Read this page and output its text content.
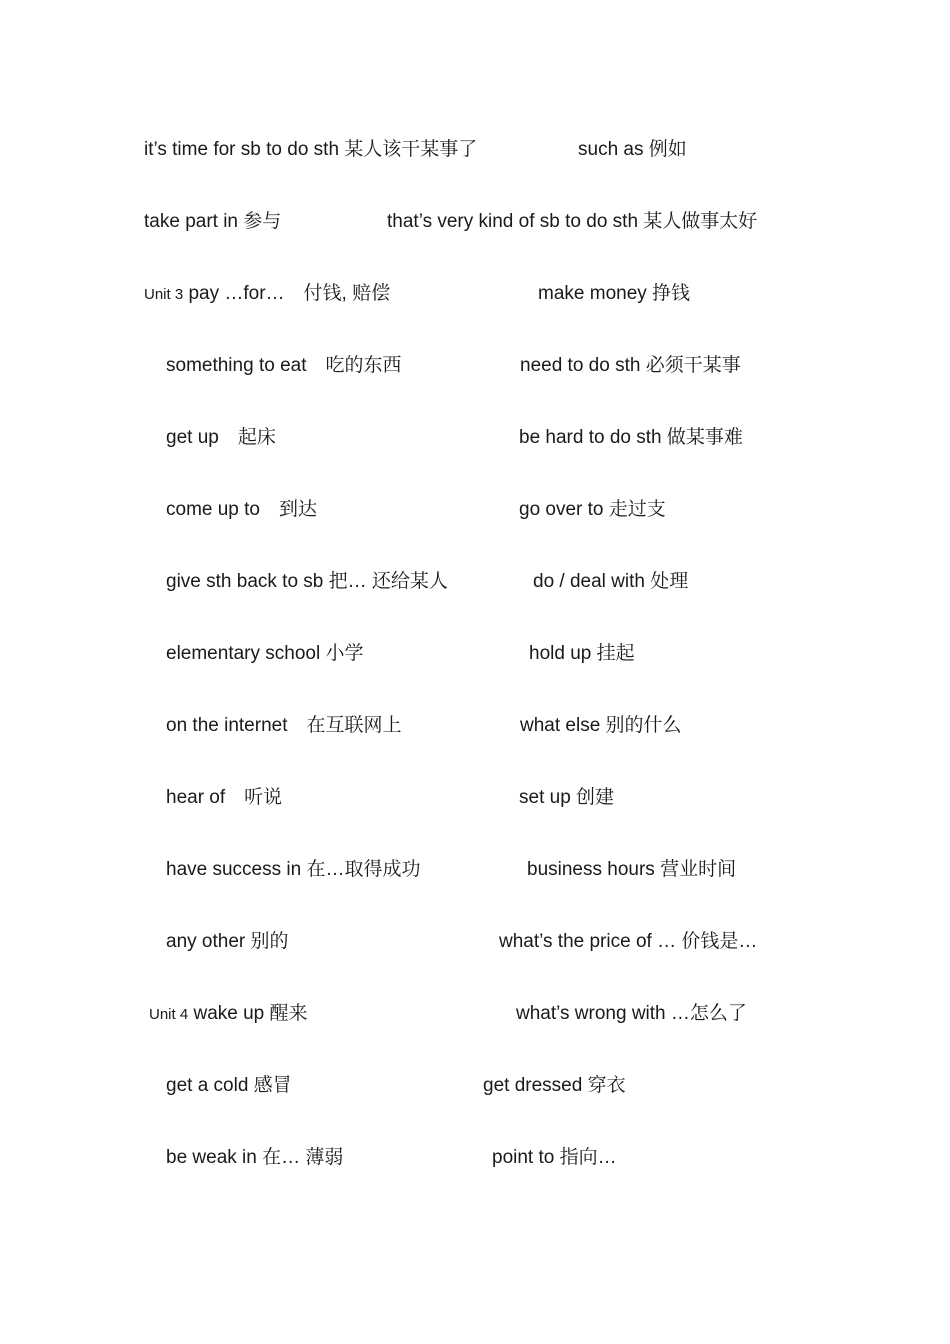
it’s time for sb to do sth 某人该干某事了	such as 例如
take part in 参与	that’s very kind of sb to do sth 某人做事太好
Unit 3 pay …for…　付钱, 赔偿	make money 挣钱
something to eat　吃的东西	need to do sth 必须干某事
get up　起床	be hard to do sth 做某事难
come up to　到达	go over to 走过支
give sth back to sb 把… 还给某人	do / deal with 处理
elementary school 小学	hold up 挂起
on the internet　在互联网上	what else 别的什么
hear of　听说	set up 创建
have success in 在…取得成功	business hours 营业时间
any other 别的	what’s the price of … 价钱是…
Unit 4 wake up 醒来	what’s wrong with …怎么了
get a cold 感冒	get dressed 穿衣
be weak in 在… 薄弱	point to 指向…
